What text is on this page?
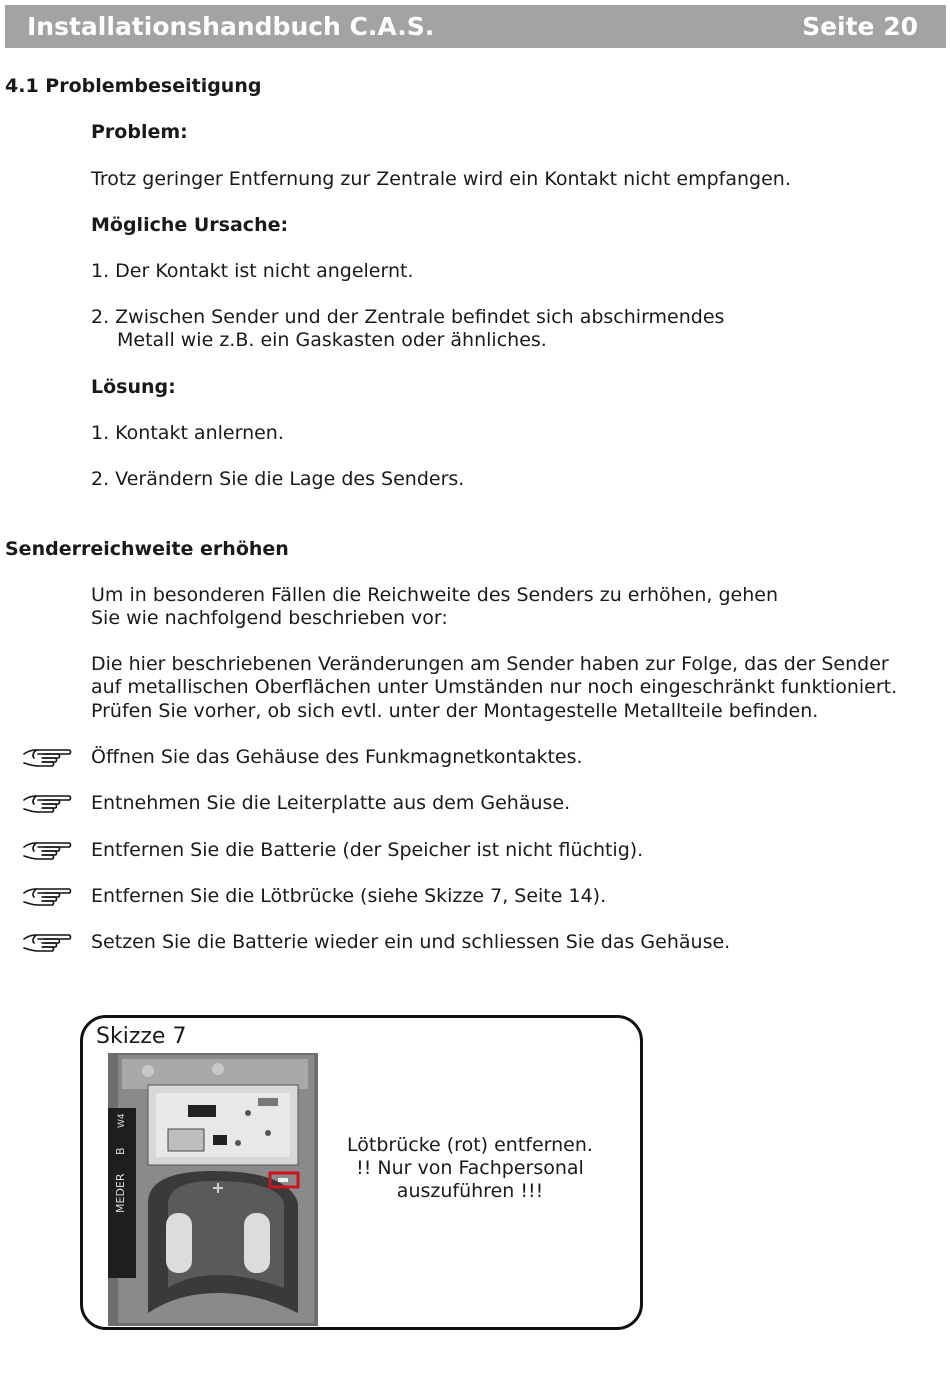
Installationshandbuch C.A.S.	Seite 20
4.1 Problembeseitigung
Problem:
Trotz geringer Entfernung zur Zentrale wird ein Kontakt nicht empfangen.
Mögliche Ursache:
1. Der Kontakt ist nicht angelernt.
2. Zwischen Sender und der Zentrale befindet sich abschirmendes
Metall wie z.B. ein Gaskasten oder ähnliches.
Lösung:
1. Kontakt anlernen.
2. Verändern Sie die Lage des Senders.
Senderreichweite erhöhen
Um in besonderen Fällen die Reichweite des Senders zu erhöhen, gehen
Sie wie nachfolgend beschrieben vor:
Die hier beschriebenen Veränderungen am Sender haben zur Folge, das der Sender
auf metallischen Oberflächen unter Umständen nur noch eingeschränkt funktioniert.
Prüfen Sie vorher, ob sich evtl. unter der Montagestelle Metallteile befinden.
Öffnen Sie das Gehäuse des Funkmagnetkontaktes.
Entnehmen Sie die Leiterplatte aus dem Gehäuse.
Entfernen Sie die Batterie (der Speicher ist nicht flüchtig).
Entfernen Sie die Lötbrücke (siehe Skizze 7, Seite 14).
Setzen Sie die Batterie wieder ein und schliessen Sie das Gehäuse.
Skizze 7
W4
B
MEDER
Lötbrücke (rot) entfernen.
!! Nur von Fachpersonal
auszuführen !!!
